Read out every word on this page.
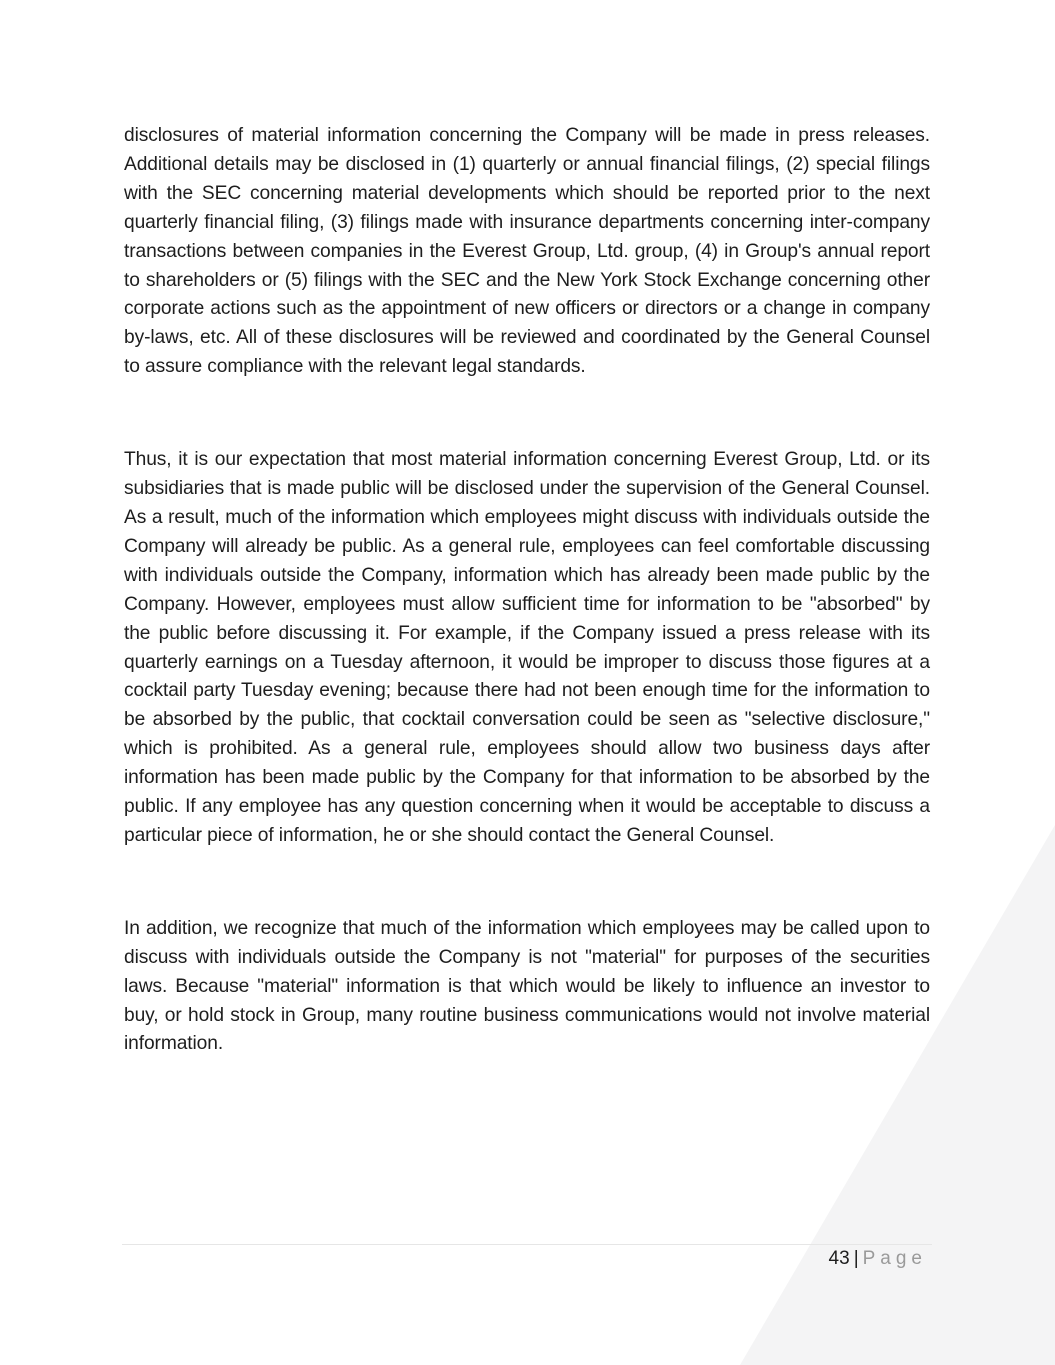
disclosures of material information concerning the Company will be made in press releases. Additional details may be disclosed in (1) quarterly or annual financial filings, (2) special filings with the SEC concerning material developments which should be reported prior to the next quarterly financial filing, (3) filings made with insurance departments concerning inter-company transactions between companies in the Everest Group, Ltd. group, (4) in Group's annual report to shareholders or (5) filings with the SEC and the New York Stock Exchange concerning other corporate actions such as the appointment of new officers or directors or a change in company by-laws, etc. All of these disclosures will be reviewed and coordinated by the General Counsel to assure compliance with the relevant legal standards.

Thus, it is our expectation that most material information concerning Everest Group, Ltd. or its subsidiaries that is made public will be disclosed under the supervision of the General Counsel. As a result, much of the information which employees might discuss with individuals outside the Company will already be public. As a general rule, employees can feel comfortable discussing with individuals outside the Company, information which has already been made public by the Company. However, employees must allow sufficient time for information to be "absorbed" by the public before discussing it. For example, if the Company issued a press release with its quarterly earnings on a Tuesday afternoon, it would be improper to discuss those figures at a cocktail party Tuesday evening; because there had not been enough time for the information to be absorbed by the public, that cocktail conversation could be seen as "selective disclosure," which is prohibited. As a general rule, employees should allow two business days after information has been made public by the Company for that information to be absorbed by the public. If any employee has any question concerning when it would be acceptable to discuss a particular piece of information, he or she should contact the General Counsel.

In addition, we recognize that much of the information which employees may be called upon to discuss with individuals outside the Company is not "material" for purposes of the securities laws. Because "material" information is that which would be likely to influence an investor to buy, or hold stock in Group, many routine business communications would not involve material information.

43 | Page
